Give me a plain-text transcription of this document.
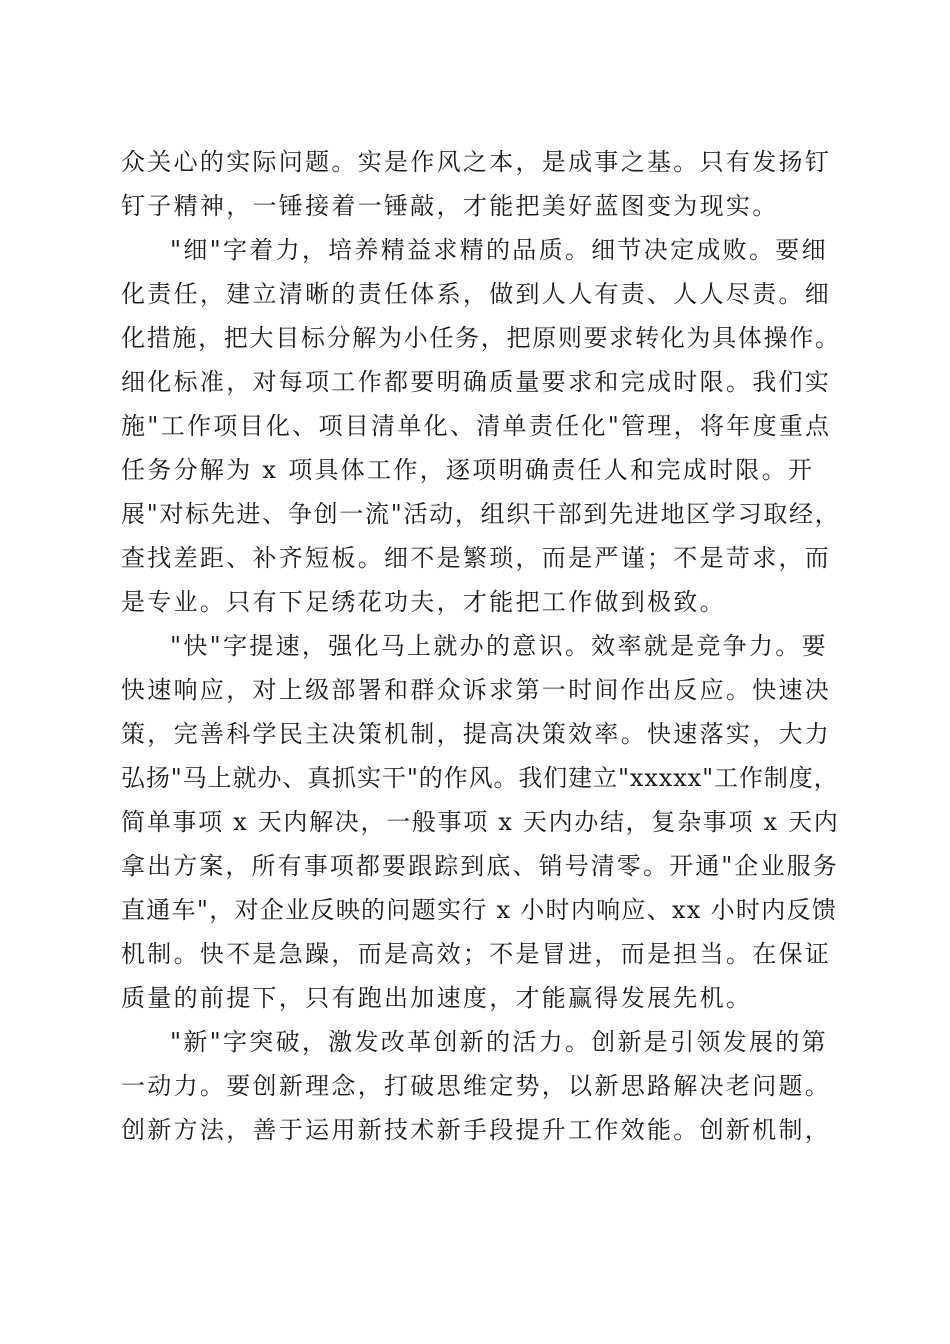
众关心的实际问题。实是作风之本，是成事之基。只有发扬钉
钉子精神，一锤接着一锤敲，才能把美好蓝图变为现实。
"细"字着力，培养精益求精的品质。细节决定成败。要细
化责任，建立清晰的责任体系，做到人人有责、人人尽责。细
化措施，把大目标分解为小任务，把原则要求转化为具体操作。
细化标准，对每项工作都要明确质量要求和完成时限。我们实
施"工作项目化、项目清单化、清单责任化"管理，将年度重点
任务分解为 x 项具体工作，逐项明确责任人和完成时限。开
展"对标先进、争创一流"活动，组织干部到先进地区学习取经，
查找差距、补齐短板。细不是繁琐，而是严谨；不是苛求，而
是专业。只有下足绣花功夫，才能把工作做到极致。
"快"字提速，强化马上就办的意识。效率就是竞争力。要
快速响应，对上级部署和群众诉求第一时间作出反应。快速决
策，完善科学民主决策机制，提高决策效率。快速落实，大力
弘扬"马上就办、真抓实干"的作风。我们建立"xxxxx"工作制度，
简单事项 x 天内解决，一般事项 x 天内办结，复杂事项 x 天内
拿出方案，所有事项都要跟踪到底、销号清零。开通"企业服务
直通车"，对企业反映的问题实行 x 小时内响应、xx 小时内反馈
机制。快不是急躁，而是高效；不是冒进，而是担当。在保证
质量的前提下，只有跑出加速度，才能赢得发展先机。
"新"字突破，激发改革创新的活力。创新是引领发展的第
一动力。要创新理念，打破思维定势，以新思路解决老问题。
创新方法，善于运用新技术新手段提升工作效能。创新机制，
